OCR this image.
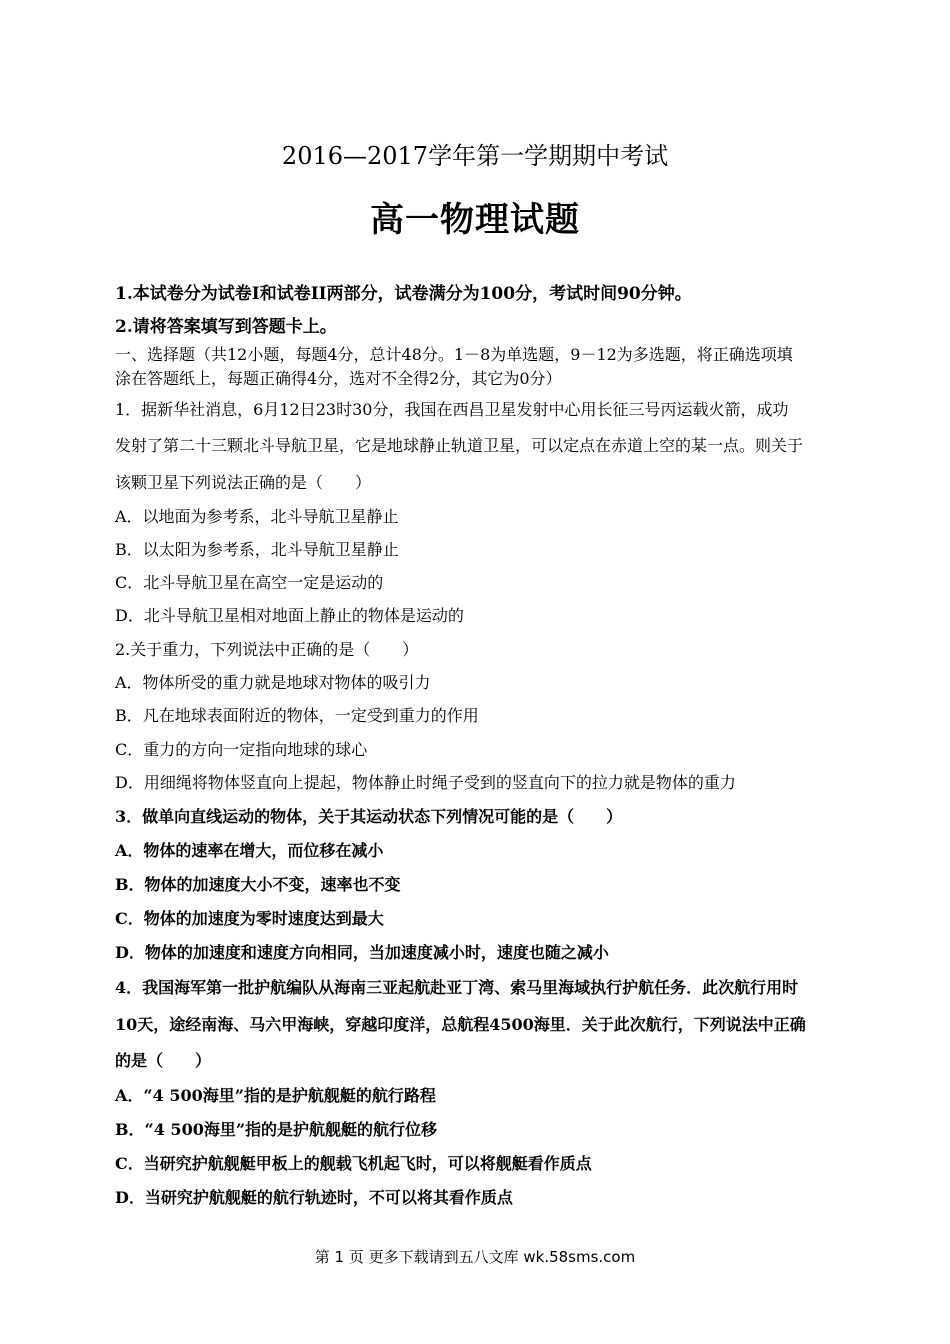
2016—2017学年第一学期期中考试
高一物理试题
1.本试卷分为试卷Ⅰ和试卷II两部分，试卷满分为100分，考试时间90分钟。
2.请将答案填写到答题卡上。
一、选择题（共12小题，每题4分，总计48分。1－8为单选题，9－12为多选题，将正确选项填
涂在答题纸上，每题正确得4分，选对不全得2分，其它为0分）
1．据新华社消息，6月12日23时30分，我国在西昌卫星发射中心用长征三号丙运载火箭，成功
发射了第二十三颗北斗导航卫星，它是地球静止轨道卫星，可以定点在赤道上空的某一点。则关于
该颗卫星下列说法正确的是（　　）
A．以地面为参考系，北斗导航卫星静止
B．以太阳为参考系，北斗导航卫星静止
C．北斗导航卫星在高空一定是运动的
D．北斗导航卫星相对地面上静止的物体是运动的
2.关于重力，下列说法中正确的是（　　）
A．物体所受的重力就是地球对物体的吸引力
B．凡在地球表面附近的物体，一定受到重力的作用
C．重力的方向一定指向地球的球心
D．用细绳将物体竖直向上提起，物体静止时绳子受到的竖直向下的拉力就是物体的重力
3．做单向直线运动的物体，关于其运动状态下列情况可能的是（　　）
A．物体的速率在增大，而位移在减小
B．物体的加速度大小不变，速率也不变
C．物体的加速度为零时速度达到最大
D．物体的加速度和速度方向相同，当加速度减小时，速度也随之减小
4．我国海军第一批护航编队从海南三亚起航赴亚丁湾、索马里海域执行护航任务．此次航行用时
10天，途经南海、马六甲海峡，穿越印度洋，总航程4500海里．关于此次航行，下列说法中正确
的是（　　）
A．“4 500海里”指的是护航舰艇的航行路程
B．“4 500海里”指的是护航舰艇的航行位移
C．当研究护航舰艇甲板上的舰载飞机起飞时，可以将舰艇看作质点
D．当研究护航舰艇的航行轨迹时，不可以将其看作质点
第 1 页 更多下载请到五八文库 wk.58sms.com
